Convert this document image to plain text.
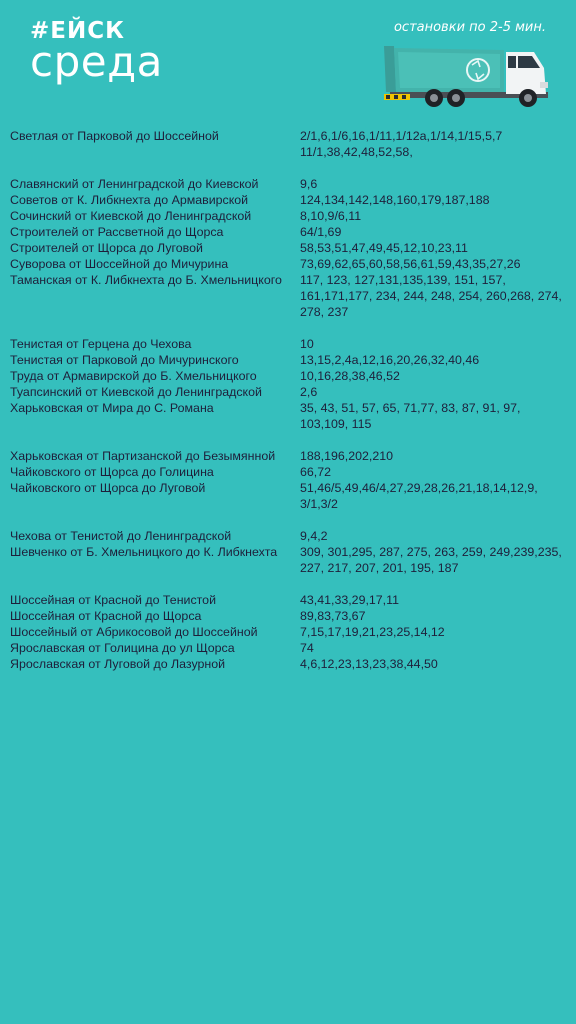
#ЕЙСК
среда
остановки по 2-5 мин.
Светлая от Парковой до Шоссейной	2/1,6,1/6,16,1/11,1/12а,1/14,1/15,5,7 11/1,38,42,48,52,58,
Славянский от Ленинградской до Киевской	9,6
Советов от К. Либкнехта до Армавирской	124,134,142,148,160,179,187,188
Сочинский от Киевской до Ленинградской	8,10,9/6,11
Строителей от Рассветной до Щорса	64/1,69
Строителей от Щорса до Луговой	58,53,51,47,49,45,12,10,23,11
Суворова от Шоссейной до Мичурина	73,69,62,65,60,58,56,61,59,43,35,27,26
Таманская от К. Либкнехта до Б. Хмельницкого	117, 123, 127,131,135,139, 151, 157, 161,171,177, 234, 244, 248, 254, 260,268, 274, 278, 237
Тенистая от Герцена до Чехова	10
Тенистая от Парковой до Мичуринского	13,15,2,4а,12,16,20,26,32,40,46
Труда от Армавирской до Б. Хмельницкого	10,16,28,38,46,52
Туапсинский от Киевской до Ленинградской	2,6
Харьковская от Мира до С. Романа	35, 43, 51, 57, 65, 71,77, 83, 87, 91, 97, 103,109, 115
Харьковская от Партизанской до Безымянной	188,196,202,210
Чайковского от Щорса до Голицина	66,72
Чайковского от Щорса до Луговой	51,46/5,49,46/4,27,29,28,26,21,18,14,12,9, 3/1,3/2
Чехова от Тенистой до Ленинградской	9,4,2
Шевченко от Б. Хмельницкого до К. Либкнехта	309, 301,295, 287, 275, 263, 259, 249,239,235, 227, 217, 207, 201, 195, 187
Шоссейная от Красной до Тенистой	43,41,33,29,17,11
Шоссейная от Красной до Щорса	89,83,73,67
Шоссейный от Абрикосовой до Шоссейной	7,15,17,19,21,23,25,14,12
Ярославская от Голицина до ул Щорса	74
Ярославская от Луговой до Лазурной	4,6,12,23,13,23,38,44,50
